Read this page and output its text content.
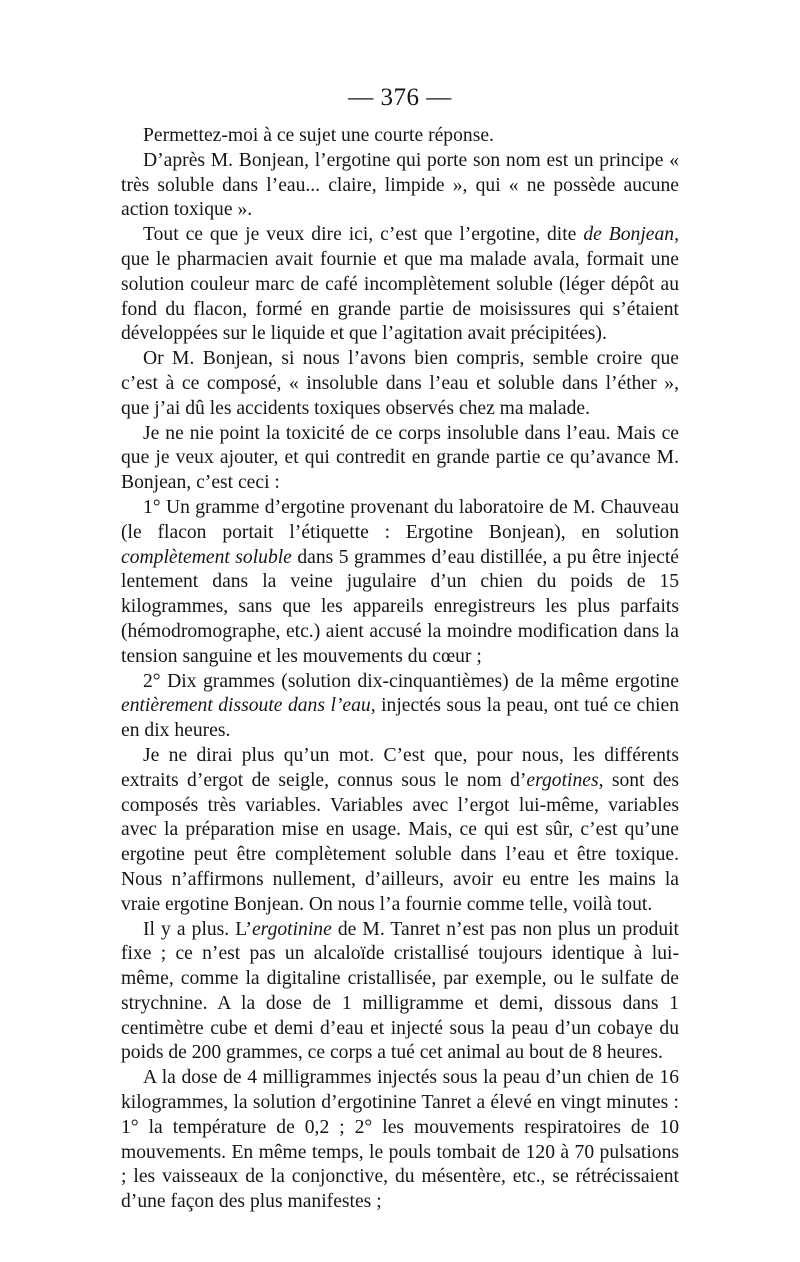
— 376 —

Permettez-moi à ce sujet une courte réponse.

D’après M. Bonjean, l’ergotine qui porte son nom est un principe « très soluble dans l’eau... claire, limpide », qui « ne possède aucune action toxique ».

Tout ce que je veux dire ici, c’est que l’ergotine, dite de Bonjean, que le pharmacien avait fournie et que ma malade avala, formait une solution couleur marc de café incomplètement soluble (léger dépôt au fond du flacon, formé en grande partie de moisissures qui s’étaient développées sur le liquide et que l’agitation avait précipitées).

Or M. Bonjean, si nous l’avons bien compris, semble croire que c’est à ce composé, « insoluble dans l’eau et soluble dans l’éther », que j’ai dû les accidents toxiques observés chez ma malade.

Je ne nie point la toxicité de ce corps insoluble dans l’eau. Mais ce que je veux ajouter, et qui contredit en grande partie ce qu’avance M. Bonjean, c’est ceci :

1° Un gramme d’ergotine provenant du laboratoire de M. Chauveau (le flacon portait l’étiquette : Ergotine Bonjean), en solution complètement soluble dans 5 grammes d’eau distillée, a pu être injecté lentement dans la veine jugulaire d’un chien du poids de 15 kilogrammes, sans que les appareils enregistreurs les plus parfaits (hémodromographe, etc.) aient accusé la moindre modification dans la tension sanguine et les mouvements du cœur ;

2° Dix grammes (solution dix-cinquantièmes) de la même ergotine entièrement dissoute dans l’eau, injectés sous la peau, ont tué ce chien en dix heures.

Je ne dirai plus qu’un mot. C’est que, pour nous, les différents extraits d’ergot de seigle, connus sous le nom d’ergotines, sont des composés très variables. Variables avec l’ergot lui-même, variables avec la préparation mise en usage. Mais, ce qui est sûr, c’est qu’une ergotine peut être complètement soluble dans l’eau et être toxique. Nous n’affirmons nullement, d’ailleurs, avoir eu entre les mains la vraie ergotine Bonjean. On nous l’a fournie comme telle, voilà tout.

Il y a plus. L’ergotinine de M. Tanret n’est pas non plus un produit fixe ; ce n’est pas un alcaloïde cristallisé toujours identique à lui-même, comme la digitaline cristallisée, par exemple, ou le sulfate de strychnine. A la dose de 1 milligramme et demi, dissous dans 1 centimètre cube et demi d’eau et injecté sous la peau d’un cobaye du poids de 200 grammes, ce corps a tué cet animal au bout de 8 heures.

A la dose de 4 milligrammes injectés sous la peau d’un chien de 16 kilogrammes, la solution d’ergotinine Tanret a élevé en vingt minutes : 1° la température de 0,2 ; 2° les mouvements respiratoires de 10 mouvements. En même temps, le pouls tombait de 120 à 70 pulsations ; les vaisseaux de la conjonctive, du mésentère, etc., se rétrécissaient d’une façon des plus manifestes ;
